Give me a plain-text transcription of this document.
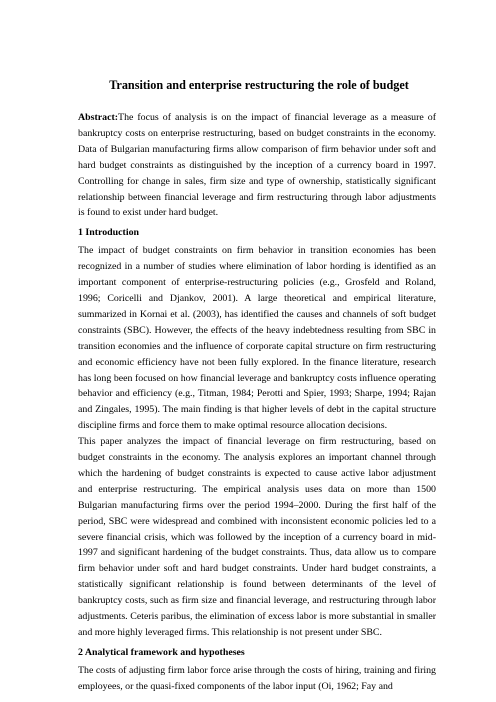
Transition and enterprise restructuring the role of budget

Abstract:The focus of analysis is on the impact of financial leverage as a measure of bankruptcy costs on enterprise restructuring, based on budget constraints in the economy. Data of Bulgarian manufacturing firms allow comparison of firm behavior under soft and hard budget constraints as distinguished by the inception of a currency board in 1997. Controlling for change in sales, firm size and type of ownership, statistically significant relationship between financial leverage and firm restructuring through labor adjustments is found to exist under hard budget.

1 Introduction

The impact of budget constraints on firm behavior in transition economies has been recognized in a number of studies where elimination of labor hording is identified as an important component of enterprise-restructuring policies (e.g., Grosfeld and Roland, 1996; Coricelli and Djankov, 2001). A large theoretical and empirical literature, summarized in Kornai et al. (2003), has identified the causes and channels of soft budget constraints (SBC). However, the effects of the heavy indebtedness resulting from SBC in transition economies and the influence of corporate capital structure on firm restructuring and economic efficiency have not been fully explored. In the finance literature, research has long been focused on how financial leverage and bankruptcy costs influence operating behavior and efficiency (e.g., Titman, 1984; Perotti and Spier, 1993; Sharpe, 1994; Rajan and Zingales, 1995). The main finding is that higher levels of debt in the capital structure discipline firms and force them to make optimal resource allocation decisions.

This paper analyzes the impact of financial leverage on firm restructuring, based on budget constraints in the economy. The analysis explores an important channel through which the hardening of budget constraints is expected to cause active labor adjustment and enterprise restructuring. The empirical analysis uses data on more than 1500 Bulgarian manufacturing firms over the period 1994–2000. During the first half of the period, SBC were widespread and combined with inconsistent economic policies led to a severe financial crisis, which was followed by the inception of a currency board in mid-1997 and significant hardening of the budget constraints. Thus, data allow us to compare firm behavior under soft and hard budget constraints. Under hard budget constraints, a statistically significant relationship is found between determinants of the level of bankruptcy costs, such as firm size and financial leverage, and restructuring through labor adjustments. Ceteris paribus, the elimination of excess labor is more substantial in smaller and more highly leveraged firms. This relationship is not present under SBC.

2 Analytical framework and hypotheses

The costs of adjusting firm labor force arise through the costs of hiring, training and firing employees, or the quasi-fixed components of the labor input (Oi, 1962; Fay and
